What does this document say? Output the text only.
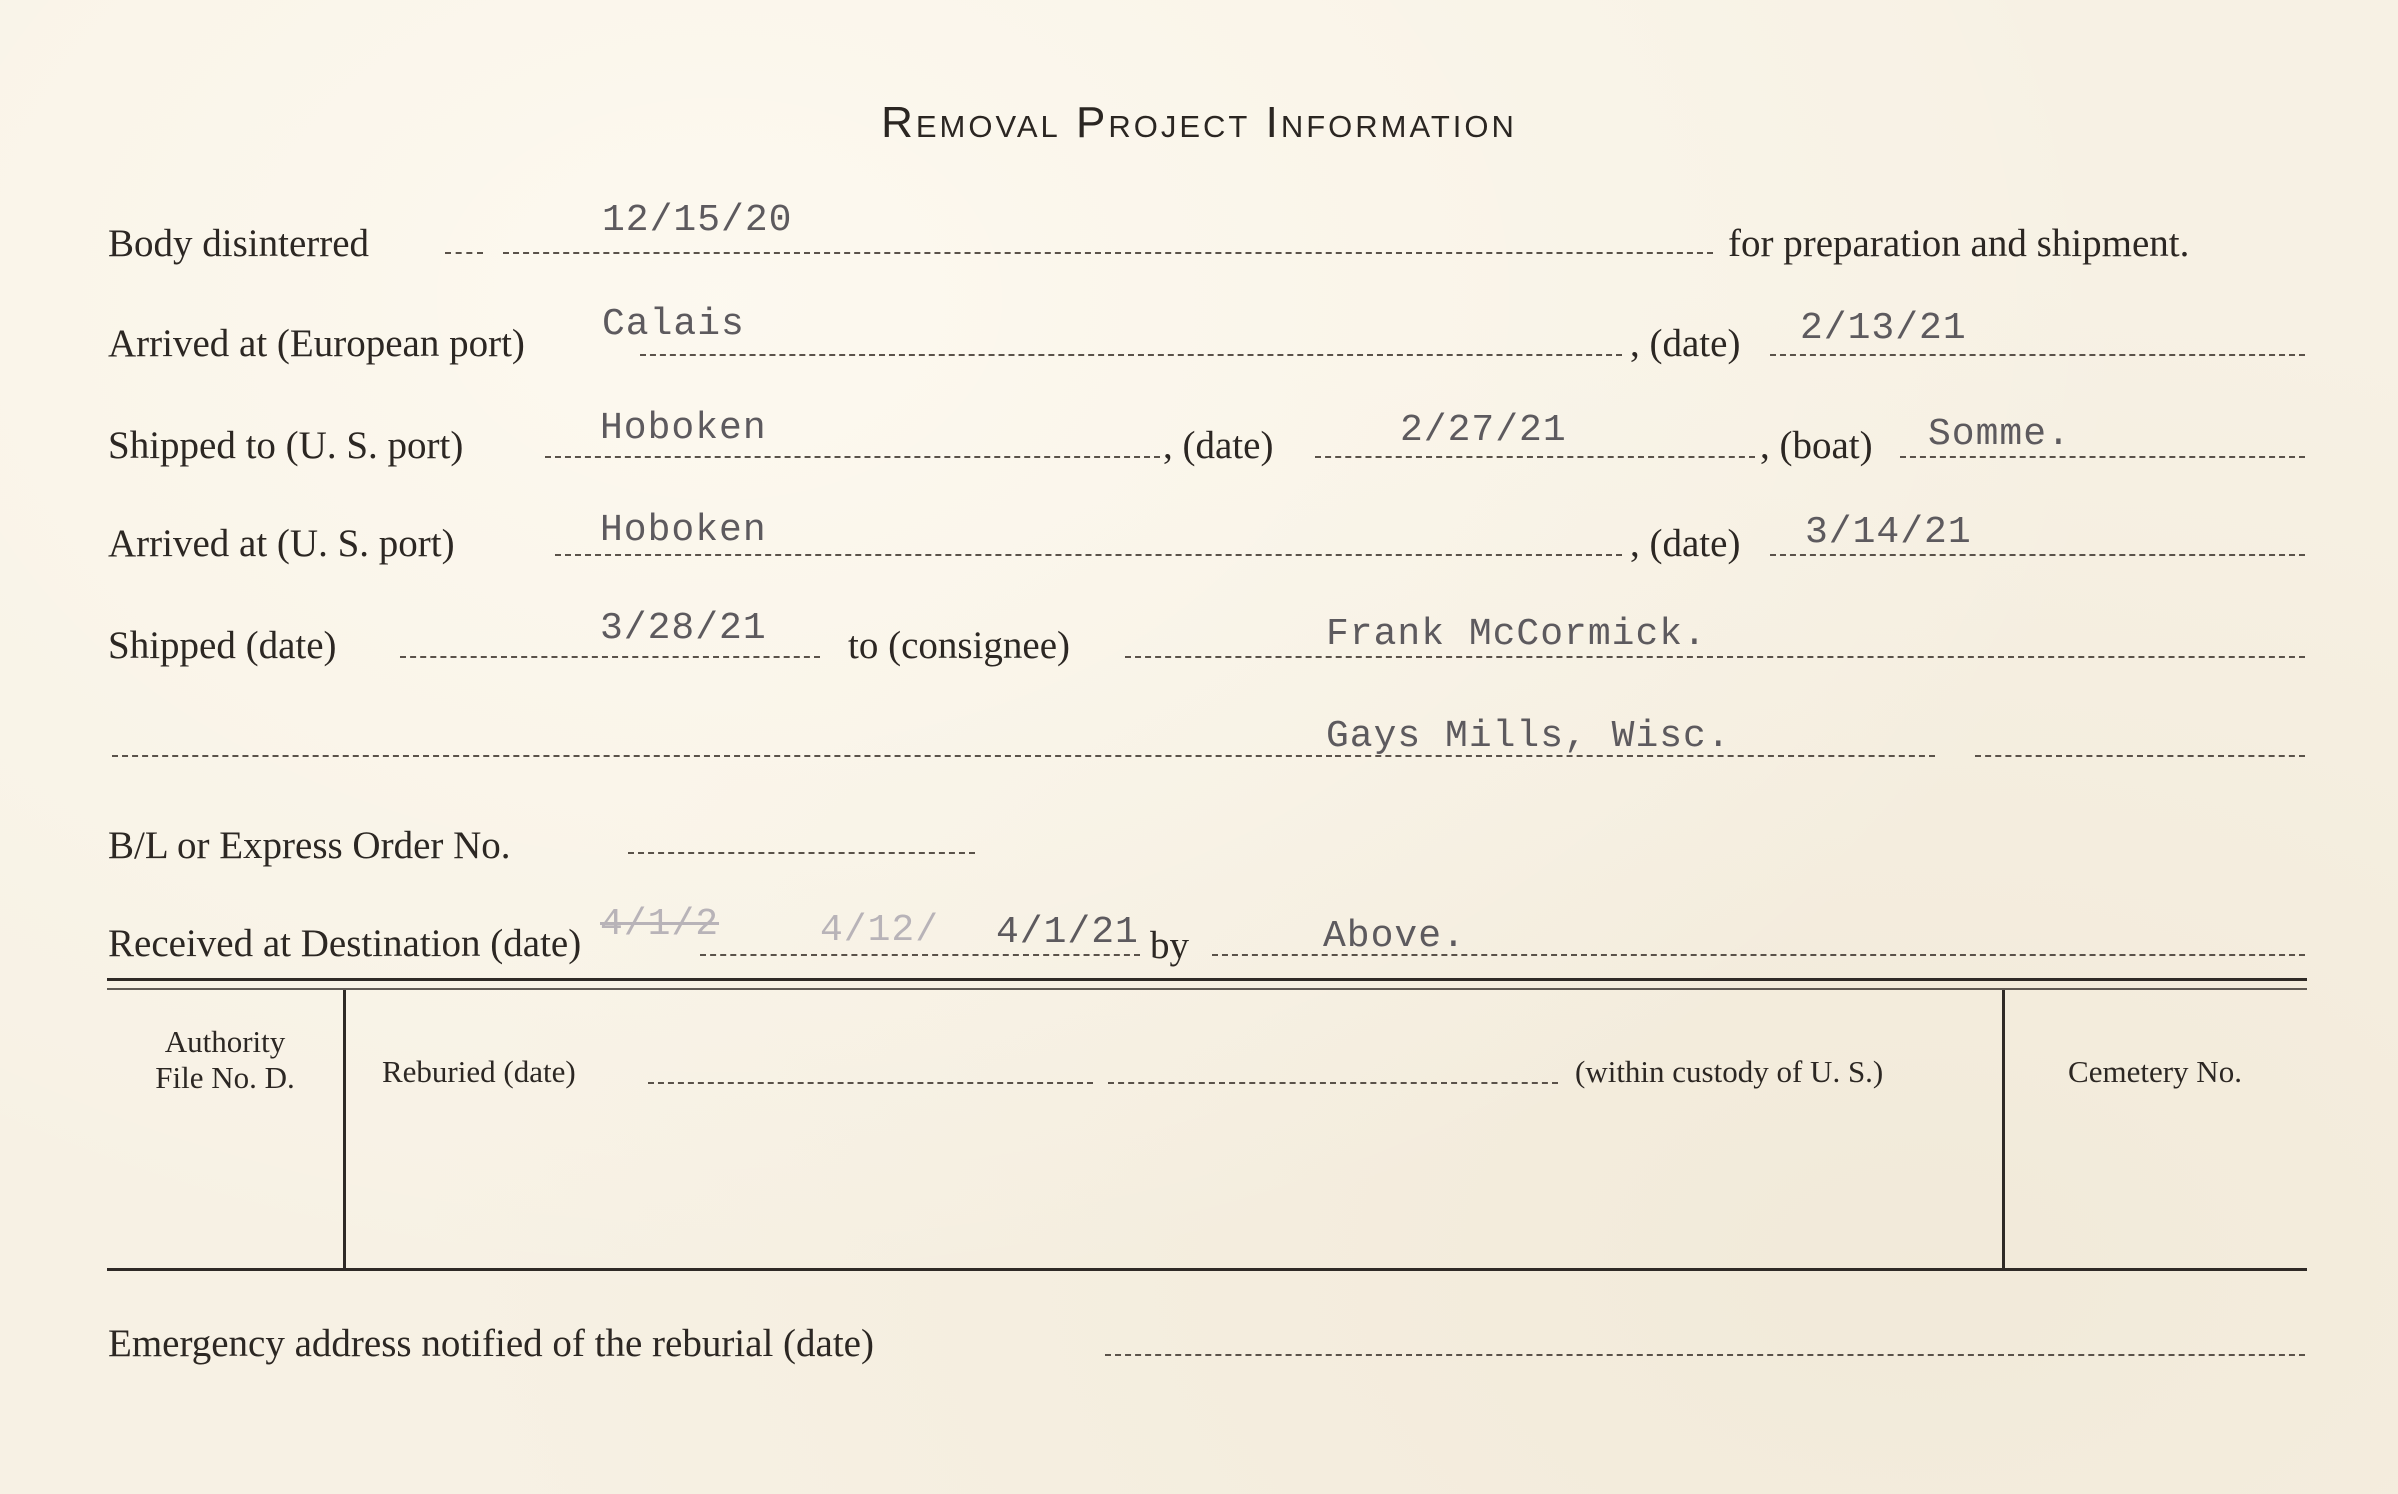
Removal Project Information
Body disinterred
12/15/20
for preparation and shipment.
Arrived at (European port) Calais	, (date) 2/13/21
Shipped to (U. S. port)	Hoboken	, (date)	2/27/21	, (boat) Somme.
Arrived at (U. S. port)	Hoboken	, (date) 3/14/21
Shipped (date)	3/28/21 to (consignee)	Frank McCormick.
Gays Mills, Wisc.
B/L or Express Order No.
Received at Destination (date) 4/1/2	4/12/ 4/1/21 by	Above.
Authority
File No. D.	Reburied (date)	(within custody of U. S.)	Cemetery No.
Emergency address notified of the reburial (date)
